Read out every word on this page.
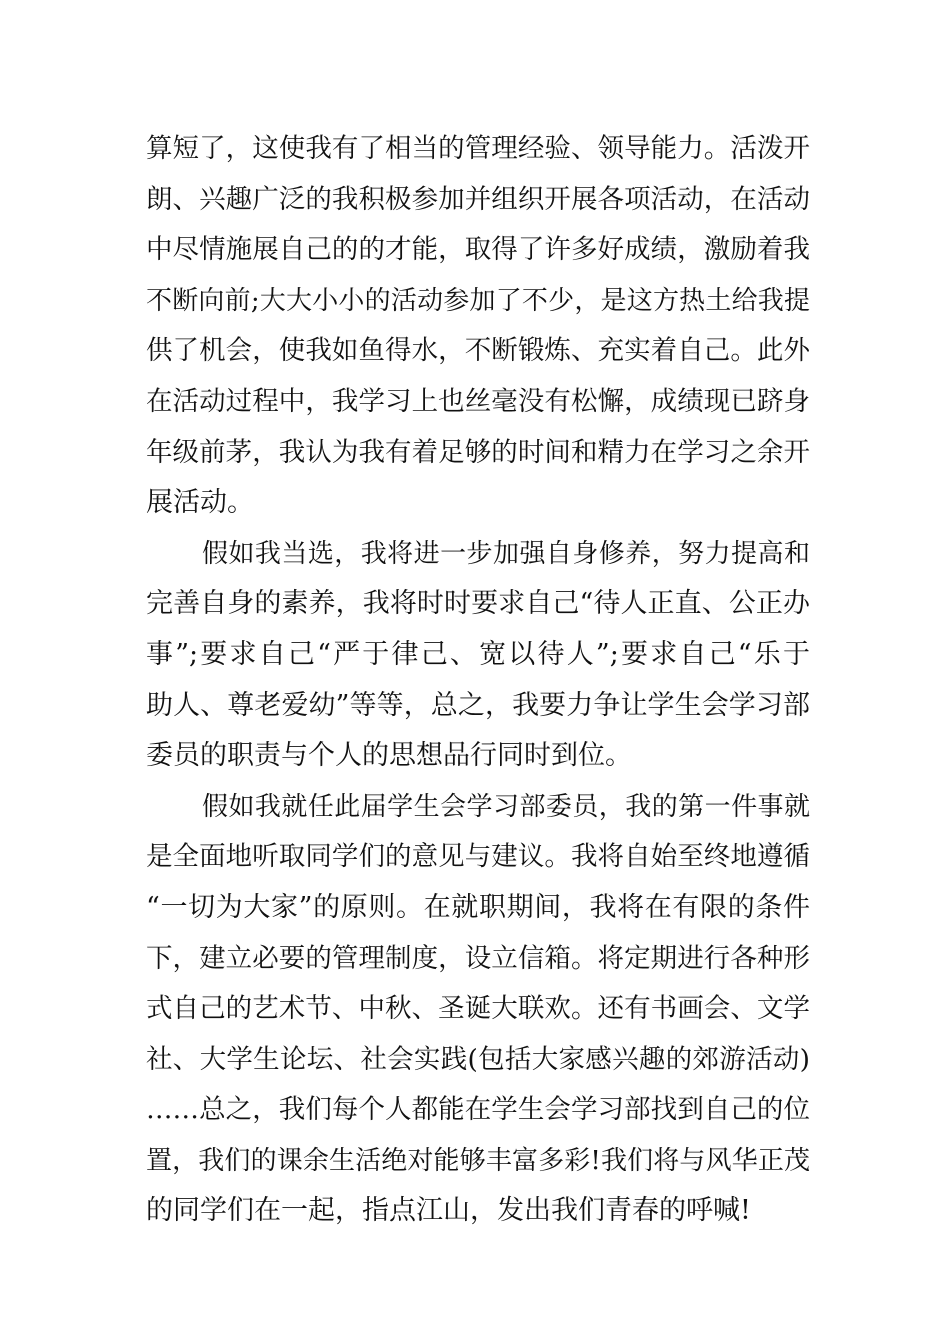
算短了，这使我有了相当的管理经验、领导能力。活泼开
朗、兴趣广泛的我积极参加并组织开展各项活动，在活动
中尽情施展自己的的才能，取得了许多好成绩，激励着我
不断向前;大大小小的活动参加了不少，是这方热土给我提
供了机会，使我如鱼得水，不断锻炼、充实着自己。此外
在活动过程中，我学习上也丝毫没有松懈，成绩现已跻身
年级前茅，我认为我有着足够的时间和精力在学习之余开
展活动。
假如我当选，我将进一步加强自身修养，努力提高和
完善自身的素养，我将时时要求自己“待人正直、公正办
事”;要求自己“严于律己、宽以待人”;要求自己“乐于
助人、尊老爱幼”等等，总之，我要力争让学生会学习部
委员的职责与个人的思想品行同时到位。
假如我就任此届学生会学习部委员，我的第一件事就
是全面地听取同学们的意见与建议。我将自始至终地遵循
“一切为大家”的原则。在就职期间，我将在有限的条件
下，建立必要的管理制度，设立信箱。将定期进行各种形
式自己的艺术节、中秋、圣诞大联欢。还有书画会、文学
社、大学生论坛、社会实践(包括大家感兴趣的郊游活动)
……总之，我们每个人都能在学生会学习部找到自己的位
置，我们的课余生活绝对能够丰富多彩!我们将与风华正茂
的同学们在一起，指点江山，发出我们青春的呼喊!
